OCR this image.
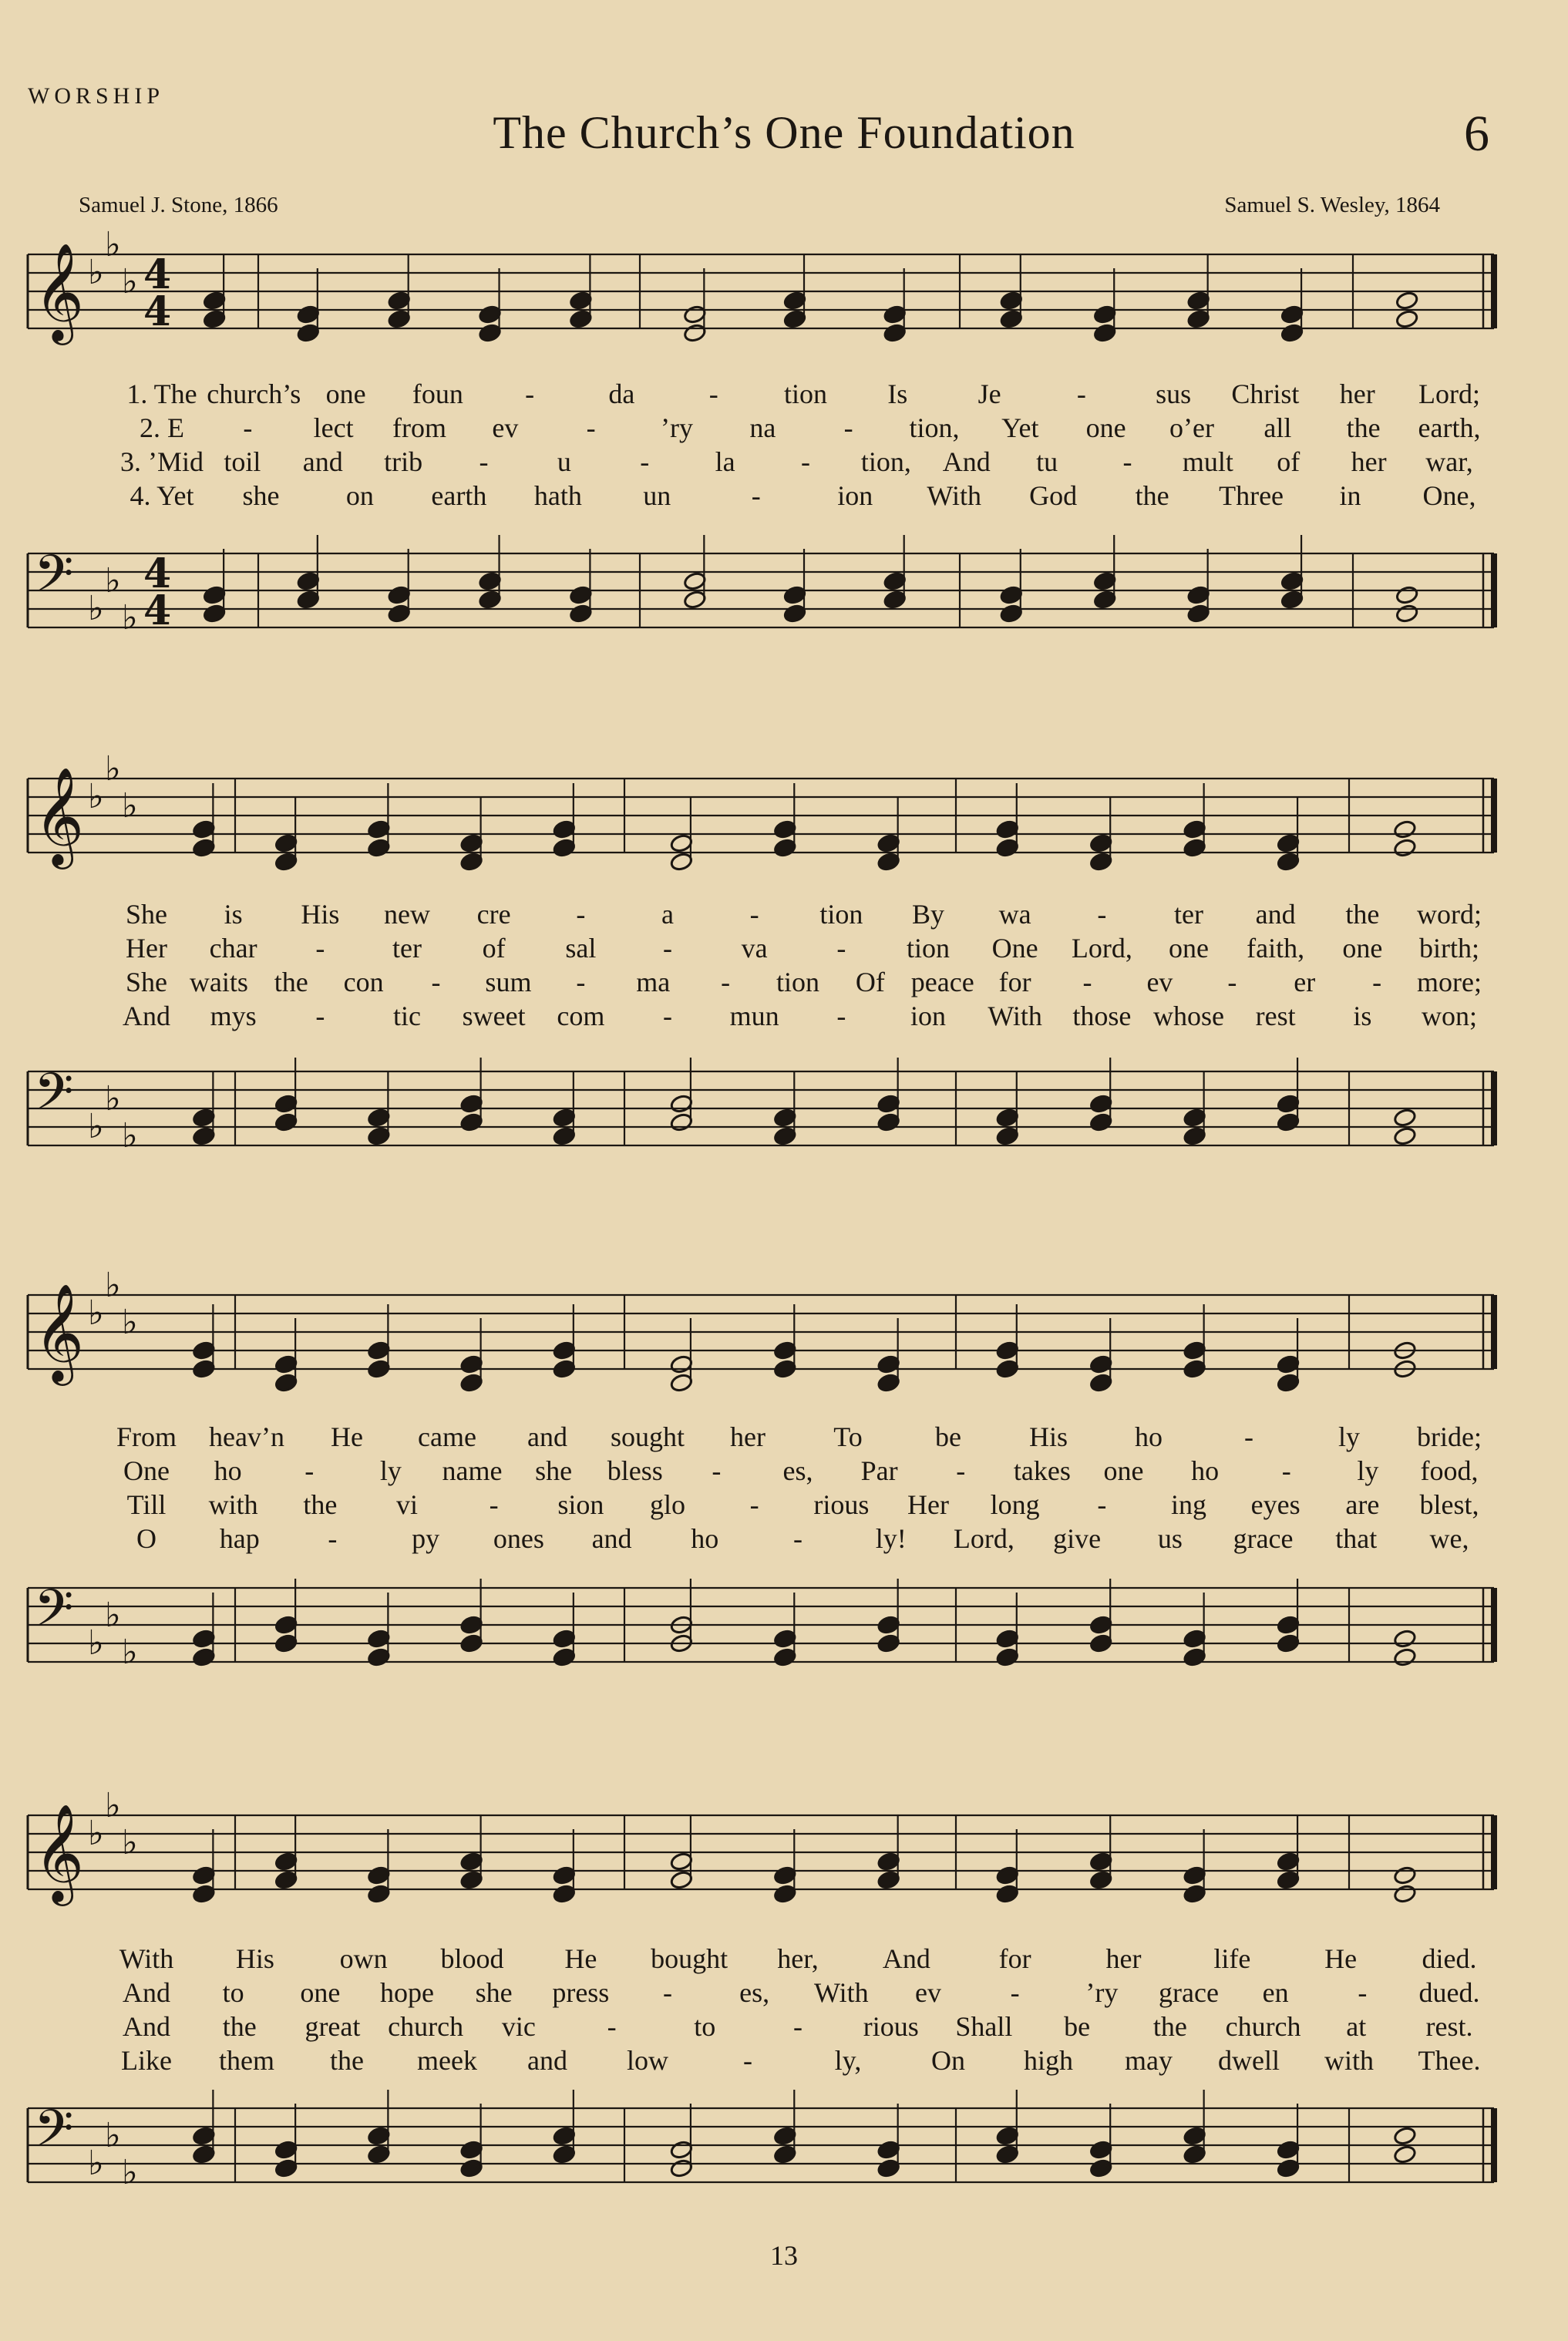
WORSHIP
The Church’s One Foundation	6
Samuel J. Stone, 1866	Samuel S. Wesley, 1864
𝄞 ♭
♭
♭ 4
4
𝄢 ♭
♭
♭
4
4
1. The church’s one foun -	da	- tion Is	Je	-	sus Christ her Lord;
2. E - lect from ev - ’ry na - tion, Yet one o’er all the earth,
3. ’Mid toil and trib - u - la - tion, And tu - mult of her war,
4. Yet she on earth hath un	-	ion With God the Three in One,
𝄞 ♭
♭
♭
𝄢 ♭
♭
♭
She is His new cre -	a	- tion By wa - ter and the word;
Her char - ter of sal - va - tion One Lord, one faith, one birth;
She waits the con - sum - ma - tion Of peace for - ev - er - more;
And mys - tic sweet com - mun - ion With those whose rest is won;
𝄞 ♭
♭
♭
𝄢 ♭
♭
♭
From heav’n He came and sought her To	be His ho	-	ly bride;
One ho - ly name she bless - es, Par - takes one ho - ly food,
Till with the vi	- sion glo - rious Her long - ing eyes are blest,
O hap -	py ones and ho	-	ly! Lord, give us grace that we,
𝄞 ♭
♭
♭
𝄢 ♭
♭
♭
With His own blood He bought her, And for	her	life	He died.
And to one hope she press - es, With ev - ’ry grace en - dued.
And the great church vic	-	to	- rious Shall be the church at rest.
Like them the meek and low	-	ly,	On high may dwell with Thee.
13
